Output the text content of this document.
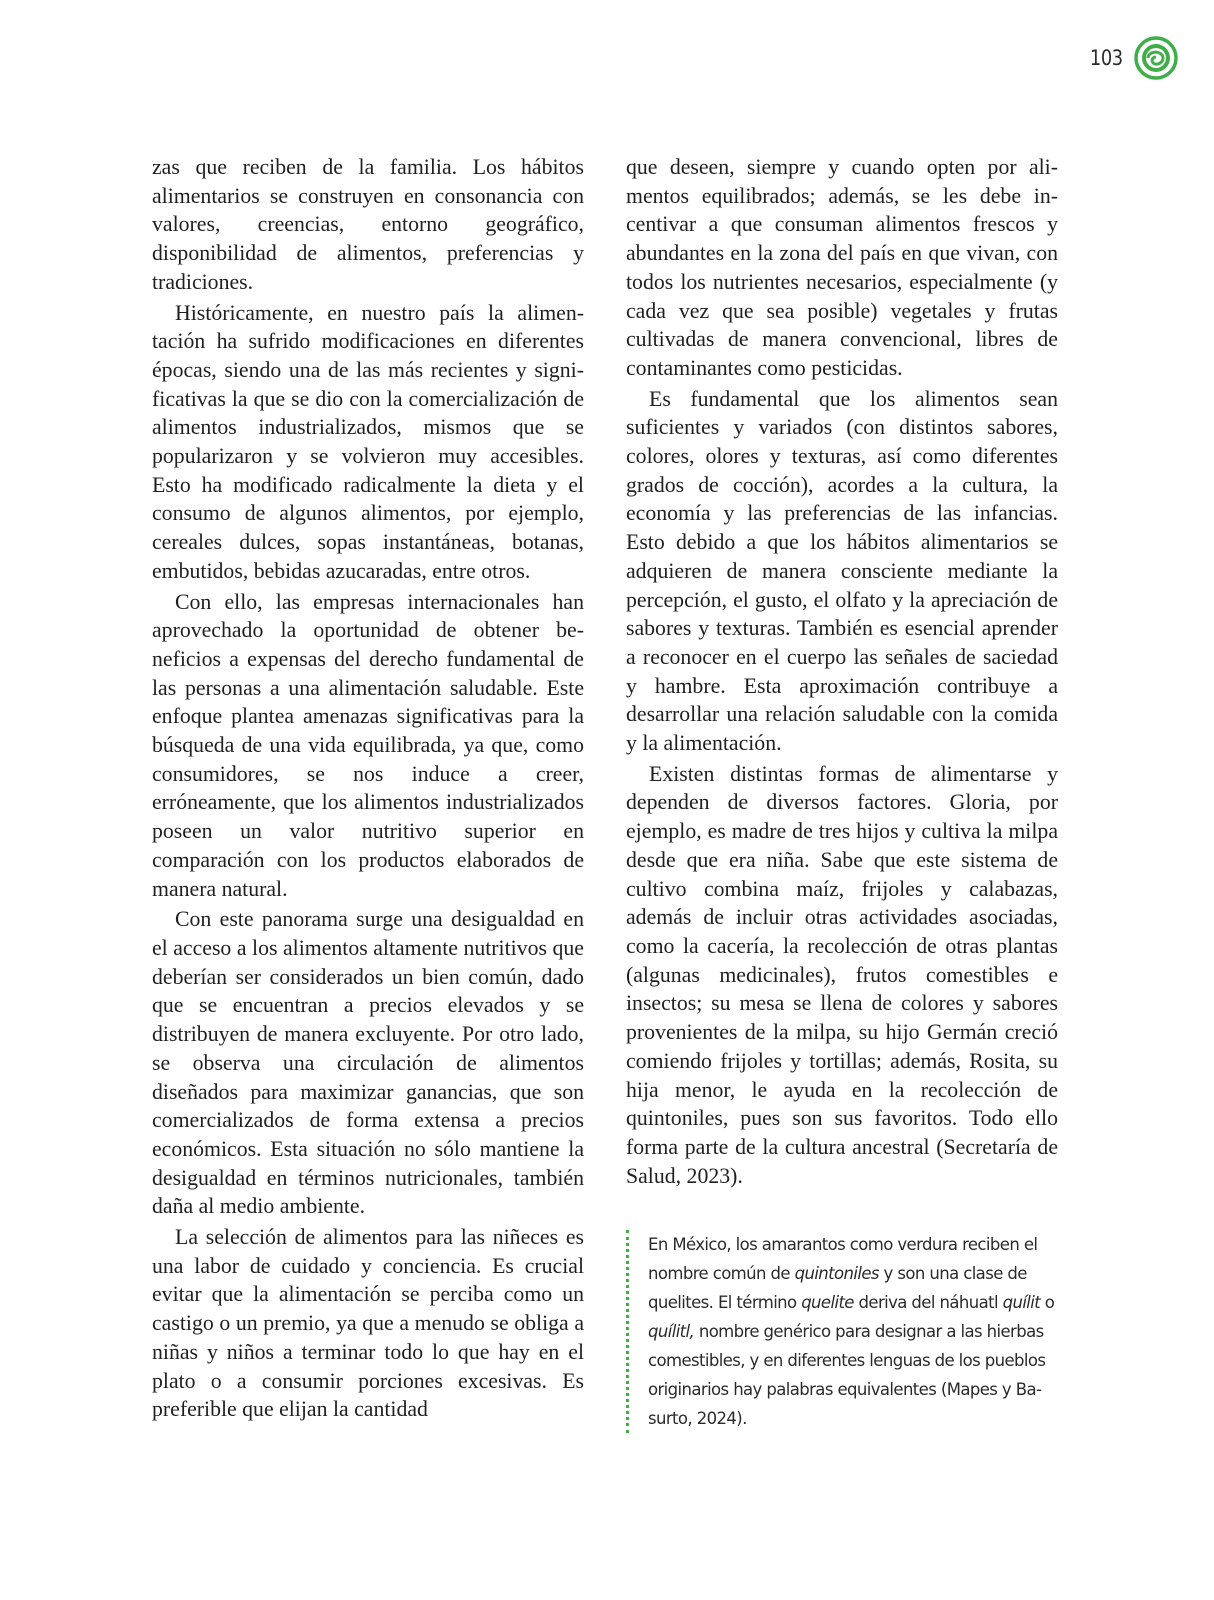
103

zas que reciben de la familia. Los hábitos alimentarios se construyen en consonancia con valores, creencias, entorno geográfico, disponibilidad de alimentos, preferencias y tradiciones.

Históricamente, en nuestro país la alimentación ha sufrido modificaciones en diferentes épocas, siendo una de las más recientes y significativas la que se dio con la comercialización de alimentos industrializados, mismos que se popularizaron y se volvieron muy accesibles. Esto ha modificado radicalmente la dieta y el consumo de algunos alimentos, por ejemplo, cereales dulces, sopas instantáneas, botanas, embutidos, bebidas azucaradas, entre otros.

Con ello, las empresas internacionales han aprovechado la oportunidad de obtener beneficios a expensas del derecho fundamental de las personas a una alimentación saludable. Este enfoque plantea amenazas significativas para la búsqueda de una vida equilibrada, ya que, como consumidores, se nos induce a creer, erróneamente, que los alimentos industrializados poseen un valor nutritivo superior en comparación con los productos elaborados de manera natural.

Con este panorama surge una desigualdad en el acceso a los alimentos altamente nutritivos que deberían ser considerados un bien común, dado que se encuentran a precios elevados y se distribuyen de manera excluyente. Por otro lado, se observa una circulación de alimentos diseñados para maximizar ganancias, que son comercializados de forma extensa a precios económicos. Esta situación no sólo mantiene la desigualdad en términos nutricionales, también daña al medio ambiente.

La selección de alimentos para las niñeces es una labor de cuidado y conciencia. Es crucial evitar que la alimentación se perciba como un castigo o un premio, ya que a menudo se obliga a niñas y niños a terminar todo lo que hay en el plato o a consumir porciones excesivas. Es preferible que elijan la cantidad

que deseen, siempre y cuando opten por alimentos equilibrados; además, se les debe incentivar a que consuman alimentos frescos y abundantes en la zona del país en que vivan, con todos los nutrientes necesarios, especialmente (y cada vez que sea posible) vegetales y frutas cultivadas de manera convencional, libres de contaminantes como pesticidas.

Es fundamental que los alimentos sean suficientes y variados (con distintos sabores, colores, olores y texturas, así como diferentes grados de cocción), acordes a la cultura, la economía y las preferencias de las infancias. Esto debido a que los hábitos alimentarios se adquieren de manera consciente mediante la percepción, el gusto, el olfato y la apreciación de sabores y texturas. También es esencial aprender a reconocer en el cuerpo las señales de saciedad y hambre. Esta aproximación contribuye a desarrollar una relación saludable con la comida y la alimentación.

Existen distintas formas de alimentarse y dependen de diversos factores. Gloria, por ejemplo, es madre de tres hijos y cultiva la milpa desde que era niña. Sabe que este sistema de cultivo combina maíz, frijoles y calabazas, además de incluir otras actividades asociadas, como la cacería, la recolección de otras plantas (algunas medicinales), frutos comestibles e insectos; su mesa se llena de colores y sabores provenientes de la milpa, su hijo Germán creció comiendo frijoles y tortillas; además, Rosita, su hija menor, le ayuda en la recolección de quintoniles, pues son sus favoritos. Todo ello forma parte de la cultura ancestral (Secretaría de Salud, 2023).

En México, los amarantos como verdura reciben el nombre común de quintoniles y son una clase de quelites. El término quelite deriva del náhuatl quílit o quílitl, nombre genérico para designar a las hierbas comestibles, y en diferentes lenguas de los pueblos originarios hay palabras equivalentes (Mapes y Basurto, 2024).
